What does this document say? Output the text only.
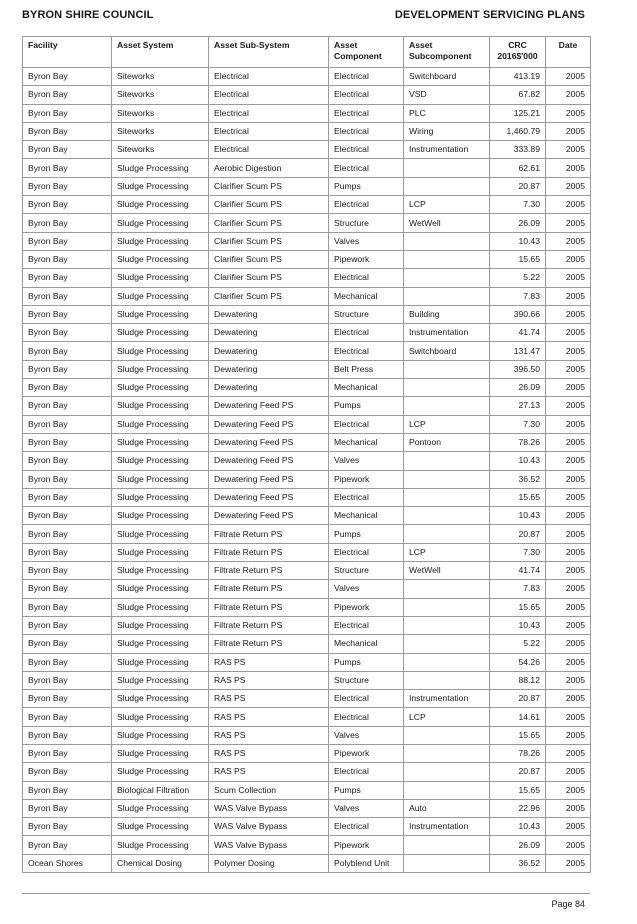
BYRON SHIRE COUNCIL	DEVELOPMENT SERVICING PLANS
Facility	Asset System	Asset Sub-System	Asset Component	Asset Subcomponent	CRC 2016$'000	Date
Byron Bay	Siteworks	Electrical	Electrical	Switchboard	413.19	2005
Byron Bay	Siteworks	Electrical	Electrical	VSD	67.82	2005
Byron Bay	Siteworks	Electrical	Electrical	PLC	125.21	2005
Byron Bay	Siteworks	Electrical	Electrical	Wiring	1,460.79	2005
Byron Bay	Siteworks	Electrical	Electrical	Instrumentation	333.89	2005
Byron Bay	Sludge Processing	Aerobic Digestion	Electrical		62.61	2005
Byron Bay	Sludge Processing	Clarifier Scum PS	Pumps		20.87	2005
Byron Bay	Sludge Processing	Clarifier Scum PS	Electrical	LCP	7.30	2005
Byron Bay	Sludge Processing	Clarifier Scum PS	Structure	WetWell	26.09	2005
Byron Bay	Sludge Processing	Clarifier Scum PS	Valves		10.43	2005
Byron Bay	Sludge Processing	Clarifier Scum PS	Pipework		15.65	2005
Byron Bay	Sludge Processing	Clarifier Scum PS	Electrical		5.22	2005
Byron Bay	Sludge Processing	Clarifier Scum PS	Mechanical		7.83	2005
Byron Bay	Sludge Processing	Dewatering	Structure	Building	390.66	2005
Byron Bay	Sludge Processing	Dewatering	Electrical	Instrumentation	41.74	2005
Byron Bay	Sludge Processing	Dewatering	Electrical	Switchboard	131.47	2005
Byron Bay	Sludge Processing	Dewatering	Belt Press		396.50	2005
Byron Bay	Sludge Processing	Dewatering	Mechanical		26.09	2005
Byron Bay	Sludge Processing	Dewatering Feed PS	Pumps		27.13	2005
Byron Bay	Sludge Processing	Dewatering Feed PS	Electrical	LCP	7.30	2005
Byron Bay	Sludge Processing	Dewatering Feed PS	Mechanical	Pontoon	78.26	2005
Byron Bay	Sludge Processing	Dewatering Feed PS	Valves		10.43	2005
Byron Bay	Sludge Processing	Dewatering Feed PS	Pipework		36.52	2005
Byron Bay	Sludge Processing	Dewatering Feed PS	Electrical		15.65	2005
Byron Bay	Sludge Processing	Dewatering Feed PS	Mechanical		10.43	2005
Byron Bay	Sludge Processing	Filtrate Return PS	Pumps		20.87	2005
Byron Bay	Sludge Processing	Filtrate Return PS	Electrical	LCP	7.30	2005
Byron Bay	Sludge Processing	Filtrate Return PS	Structure	WetWell	41.74	2005
Byron Bay	Sludge Processing	Filtrate Return PS	Valves		7.83	2005
Byron Bay	Sludge Processing	Filtrate Return PS	Pipework		15.65	2005
Byron Bay	Sludge Processing	Filtrate Return PS	Electrical		10.43	2005
Byron Bay	Sludge Processing	Filtrate Return PS	Mechanical		5.22	2005
Byron Bay	Sludge Processing	RAS PS	Pumps		54.26	2005
Byron Bay	Sludge Processing	RAS PS	Structure		88.12	2005
Byron Bay	Sludge Processing	RAS PS	Electrical	Instrumentation	20.87	2005
Byron Bay	Sludge Processing	RAS PS	Electrical	LCP	14.61	2005
Byron Bay	Sludge Processing	RAS PS	Valves		15.65	2005
Byron Bay	Sludge Processing	RAS PS	Pipework		78.26	2005
Byron Bay	Sludge Processing	RAS PS	Electrical		20.87	2005
Byron Bay	Biological Filtration	Scum Collection	Pumps		15.65	2005
Byron Bay	Sludge Processing	WAS Valve Bypass	Valves	Auto	22.96	2005
Byron Bay	Sludge Processing	WAS Valve Bypass	Electrical	Instrumentation	10.43	2005
Byron Bay	Sludge Processing	WAS Valve Bypass	Pipework		26.09	2005
Ocean Shores	Chemical Dosing	Polymer Dosing	Polyblend Unit		36.52	2005
Page 84
